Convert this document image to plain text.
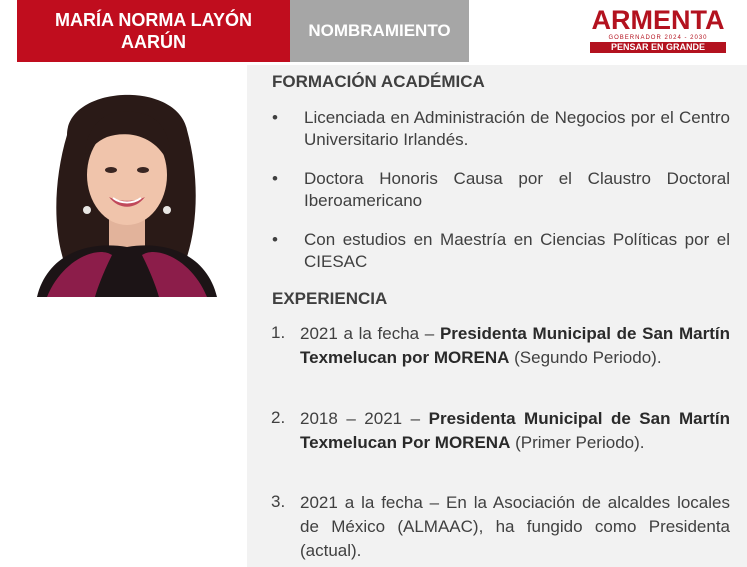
MARÍA NORMA LAYÓN
AARÚN
NOMBRAMIENTO	ARMENTA
GOBERNADOR 2024 - 2030
PENSAR EN GRANDE
FORMACIÓN ACADÉMICA
• Licenciada en Administración de Negocios por el Centro Universitario Irlandés.
• Doctora Honoris Causa por el Claustro Doctoral Iberoamericano
• Con estudios en Maestría en Ciencias Políticas por el CIESAC
EXPERIENCIA
1. 2021 a la fecha – Presidenta Municipal de San Martín Texmelucan por MORENA (Segundo Periodo).
2. 2018 – 2021 – Presidenta Municipal de San Martín Texmelucan Por MORENA (Primer Periodo).
3. 2021 a la fecha – En la Asociación de alcaldes locales de México (ALMAAC), ha fungido como Presidenta (actual).
